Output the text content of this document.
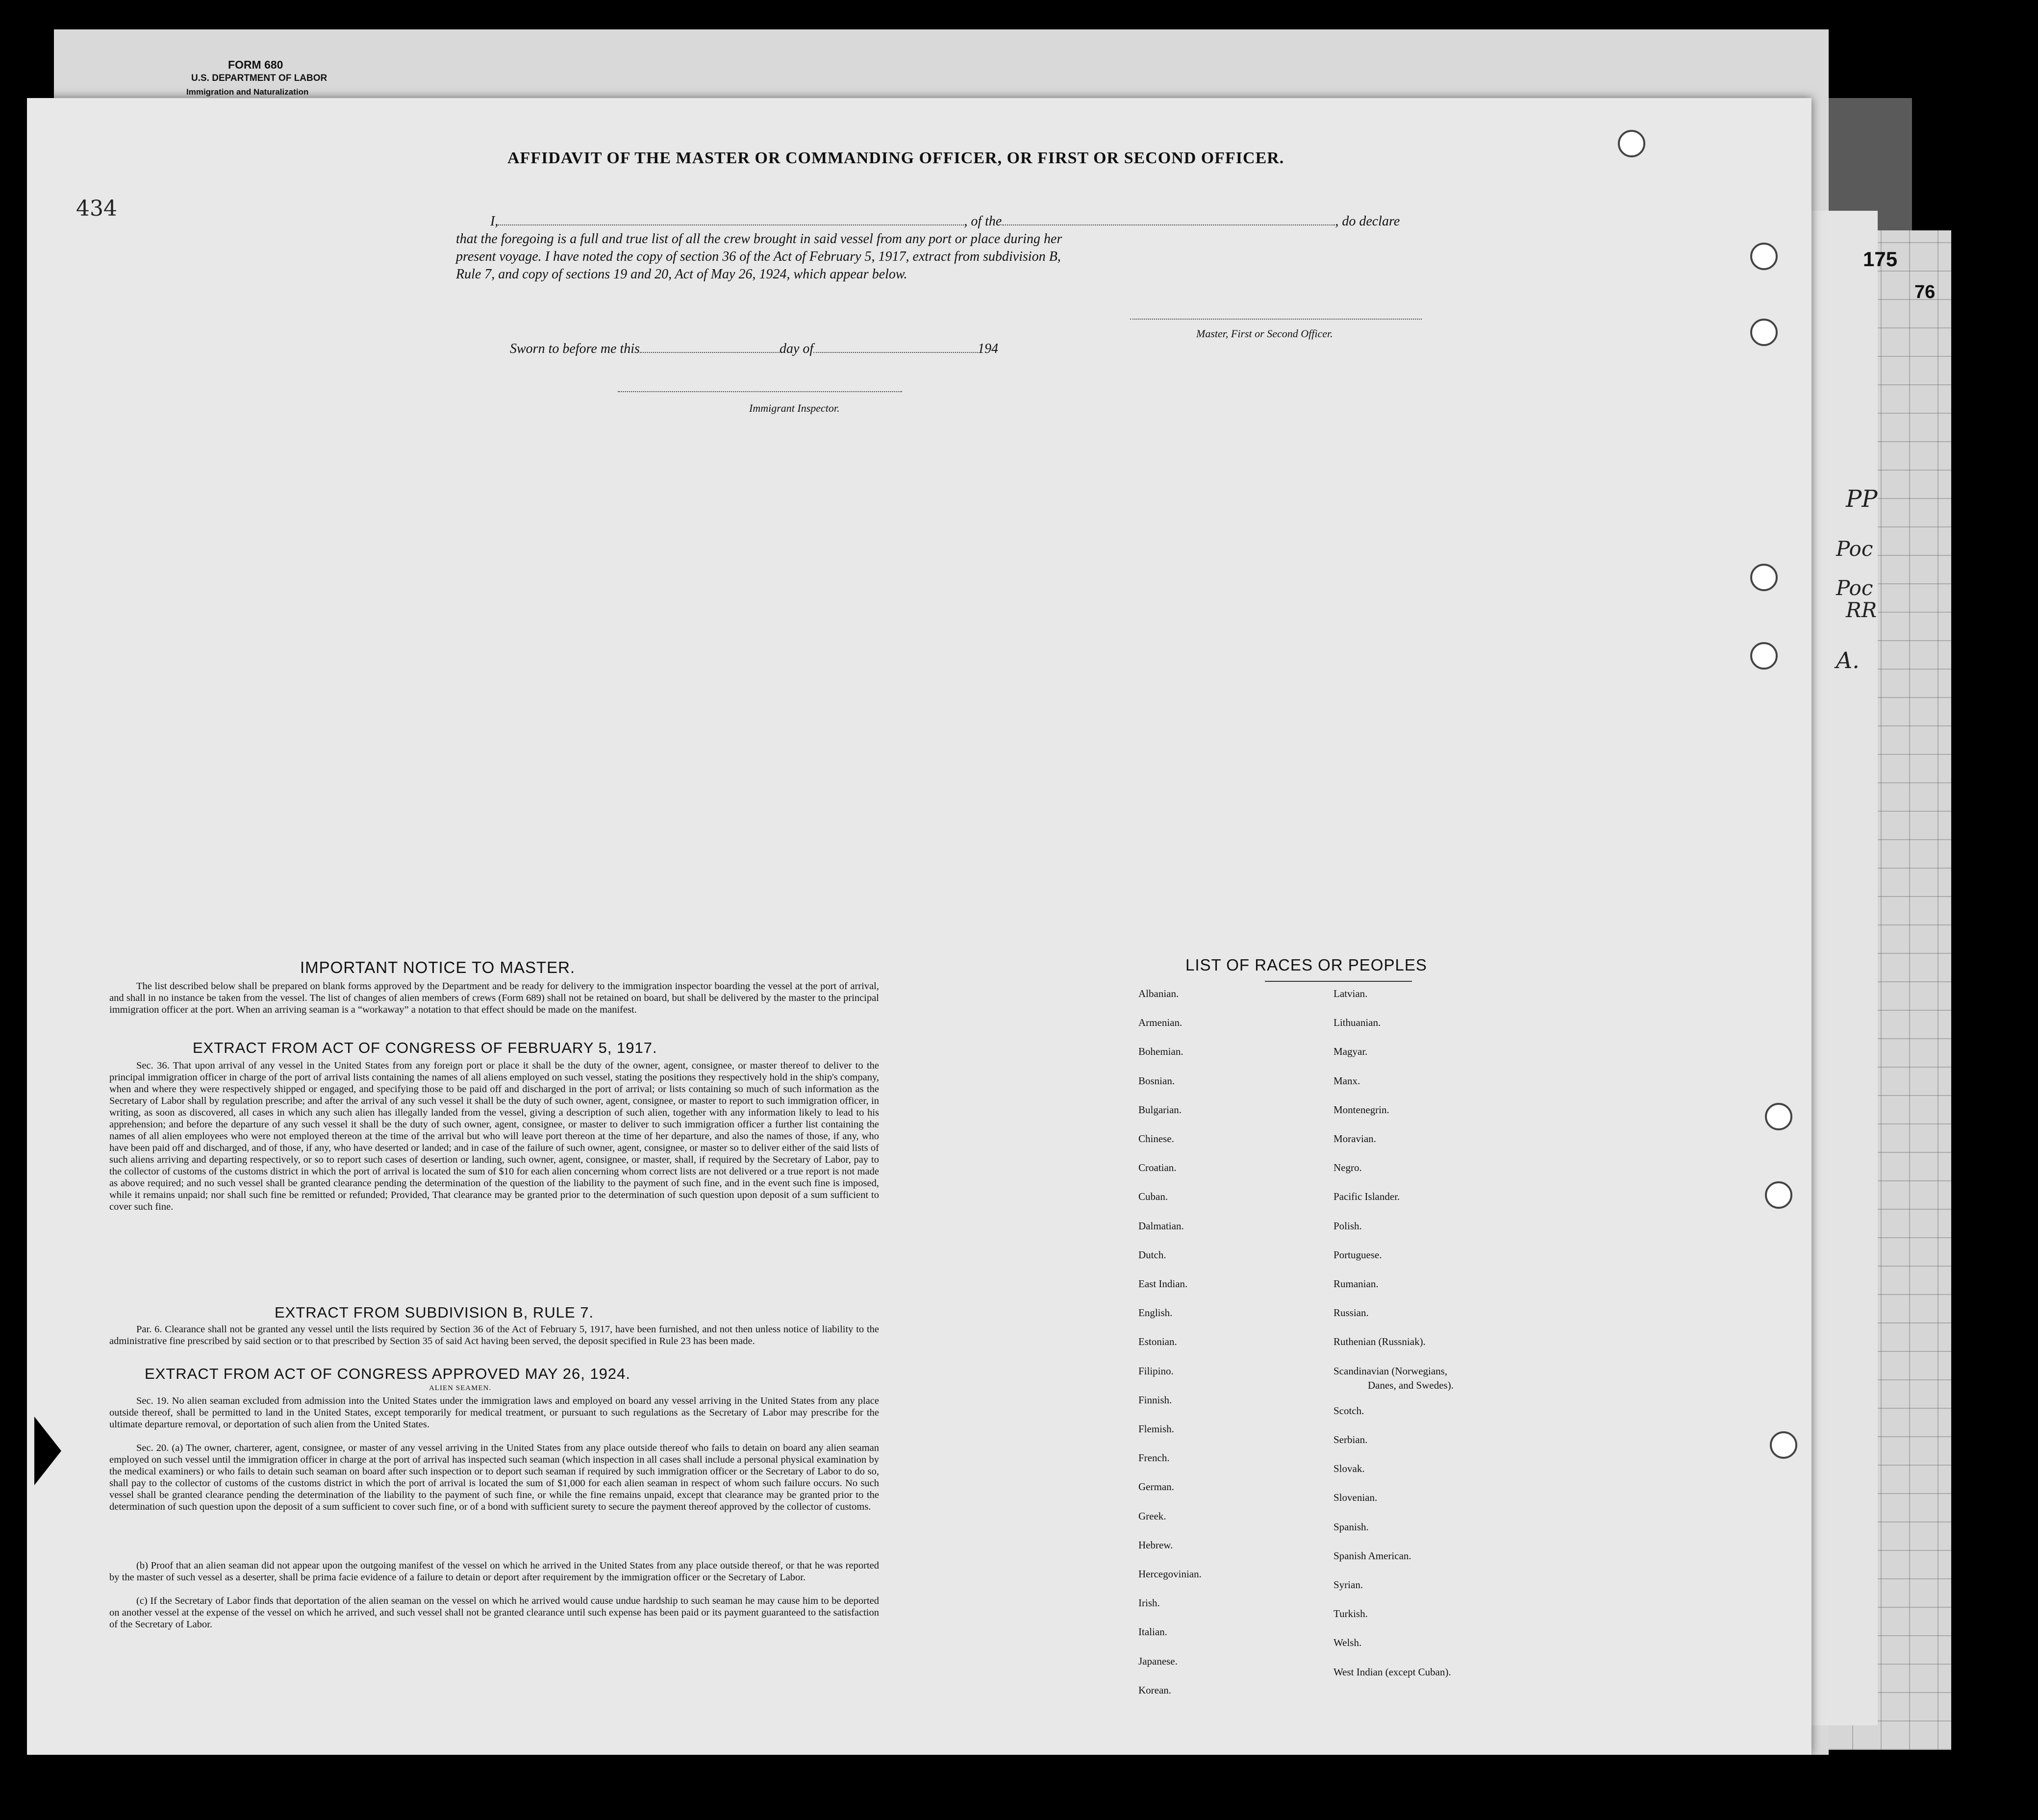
FORM 680
U.S. DEPARTMENT OF LABOR
Immigration and Naturalization
175
434
AFFIDAVIT OF THE MASTER OR COMMANDING OFFICER, OR FIRST OR SECOND OFFICER.
I,	, of the	, do declare
that the foregoing is a full and true list of all the crew brought in said vessel from any port or place during her
present voyage. I have noted the copy of section 36 of the Act of February 5, 1917, extract from subdivision B,
Rule 7, and copy of sections 19 and 20, Act of May 26, 1924, which appear below.
Master, First or Second Officer.
Sworn to before me this	day of	194
Immigrant Inspector.
IMPORTANT NOTICE TO MASTER.
The list described below shall be prepared on blank forms approved by the Department and be ready for delivery to the immigration inspector boarding the vessel at the port of arrival, and shall in no instance be taken from the vessel. The list of changes of alien members of crews (Form 689) shall not be retained on board, but shall be delivered by the master to the principal immigration officer at the port. When an arriving seaman is a “workaway” a notation to that effect should be made on the manifest.
EXTRACT FROM ACT OF CONGRESS OF FEBRUARY 5, 1917.
Sec. 36. That upon arrival of any vessel in the United States from any foreign port or place it shall be the duty of the owner, agent, consignee, or master thereof to deliver to the principal immigration officer in charge of the port of arrival lists containing the names of all aliens employed on such vessel, stating the positions they respectively hold in the ship's company, when and where they were respectively shipped or engaged, and specifying those to be paid off and discharged in the port of arrival; or lists containing so much of such information as the Secretary of Labor shall by regulation prescribe; and after the arrival of any such vessel it shall be the duty of such owner, agent, consignee, or master to report to such immigration officer, in writing, as soon as discovered, all cases in which any such alien has illegally landed from the vessel, giving a description of such alien, together with any information likely to lead to his apprehension; and before the departure of any such vessel it shall be the duty of such owner, agent, consignee, or master to deliver to such immigration officer a further list containing the names of all alien employees who were not employed thereon at the time of the arrival but who will leave port thereon at the time of her departure, and also the names of those, if any, who have been paid off and discharged, and of those, if any, who have deserted or landed; and in case of the failure of such owner, agent, consignee, or master so to deliver either of the said lists of such aliens arriving and departing respectively, or so to report such cases of desertion or landing, such owner, agent, consignee, or master, shall, if required by the Secretary of Labor, pay to the collector of customs of the customs district in which the port of arrival is located the sum of $10 for each alien concerning whom correct lists are not delivered or a true report is not made as above required; and no such vessel shall be granted clearance pending the determination of the question of the liability to the payment of such fine, and in the event such fine is imposed, while it remains unpaid; nor shall such fine be remitted or refunded; Provided, That clearance may be granted prior to the determination of such question upon deposit of a sum sufficient to cover such fine.
EXTRACT FROM SUBDIVISION B, RULE 7.
Par. 6. Clearance shall not be granted any vessel until the lists required by Section 36 of the Act of February 5, 1917, have been furnished, and not then unless notice of liability to the administrative fine prescribed by said section or to that prescribed by Section 35 of said Act having been served, the deposit specified in Rule 23 has been made.
EXTRACT FROM ACT OF CONGRESS APPROVED MAY 26, 1924.
ALIEN SEAMEN.
Sec. 19. No alien seaman excluded from admission into the United States under the immigration laws and employed on board any vessel arriving in the United States from any place outside thereof, shall be permitted to land in the United States, except temporarily for medical treatment, or pursuant to such regulations as the Secretary of Labor may prescribe for the ultimate departure removal, or deportation of such alien from the United States.
Sec. 20. (a) The owner, charterer, agent, consignee, or master of any vessel arriving in the United States from any place outside thereof who fails to detain on board any alien seaman employed on such vessel until the immigration officer in charge at the port of arrival has inspected such seaman (which inspection in all cases shall include a personal physical examination by the medical examiners) or who fails to detain such seaman on board after such inspection or to deport such seaman if required by such immigration officer or the Secretary of Labor to do so, shall pay to the collector of customs of the customs district in which the port of arrival is located the sum of $1,000 for each alien seaman in respect of whom such failure occurs. No such vessel shall be granted clearance pending the determination of the liability to the payment of such fine, or while the fine remains unpaid, except that clearance may be granted prior to the determination of such question upon the deposit of a sum sufficient to cover such fine, or of a bond with sufficient surety to secure the payment thereof approved by the collector of customs.
(b) Proof that an alien seaman did not appear upon the outgoing manifest of the vessel on which he arrived in the United States from any place outside thereof, or that he was reported by the master of such vessel as a deserter, shall be prima facie evidence of a failure to detain or deport after requirement by the immigration officer or the Secretary of Labor.
(c) If the Secretary of Labor finds that deportation of the alien seaman on the vessel on which he arrived would cause undue hardship to such seaman he may cause him to be deported on another vessel at the expense of the vessel on which he arrived, and such vessel shall not be granted clearance until such expense has been paid or its payment guaranteed to the satisfaction of the Secretary of Labor.
LIST OF RACES OR PEOPLES
Albanian.
Armenian.
Bohemian.
Bosnian.
Bulgarian.
Chinese.
Croatian.
Cuban.
Dalmatian.
Dutch.
East Indian.
English.
Estonian.
Filipino.
Finnish.
Flemish.
French.
German.
Greek.
Hebrew.
Hercegovinian.
Irish.
Italian.
Japanese.
Korean.
Latvian.
Lithuanian.
Magyar.
Manx.
Montenegrin.
Moravian.
Negro.
Pacific Islander.
Polish.
Portuguese.
Rumanian.
Russian.
Ruthenian (Russniak).
Scandinavian (Norwegians,
Danes, and Swedes).
Scotch.
Serbian.
Slovak.
Slovenian.
Spanish.
Spanish American.
Syrian.
Turkish.
Welsh.
West Indian (except Cuban).
76
PP
Poc
Poc
RR
A.
